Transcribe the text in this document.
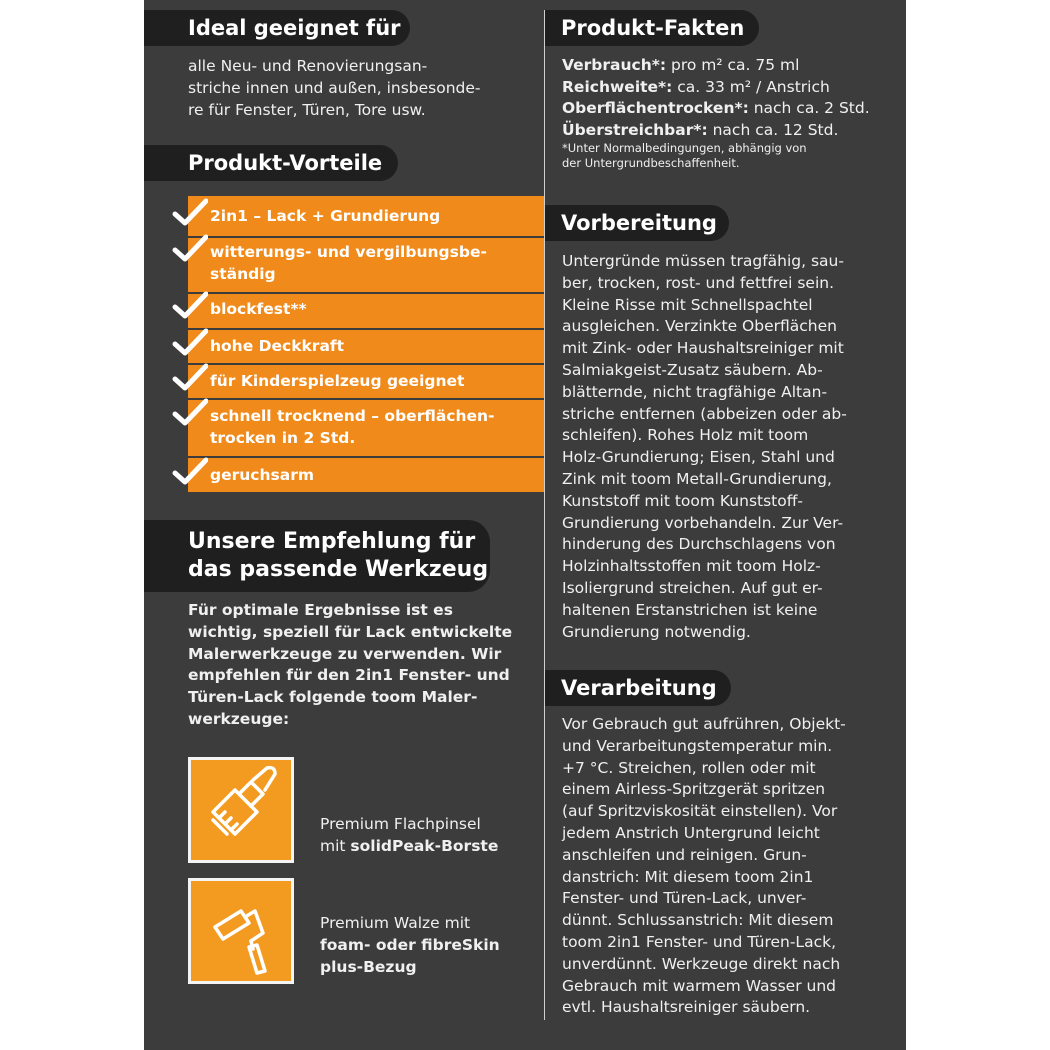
Ideal geeignet für
alle Neu- und Renovierungsan-
striche innen und außen, insbesonde-
re für Fenster, Türen, Tore usw.
Produkt-Vorteile
2in1 – Lack + Grundierung
witterungs- und vergilbungsbe-
ständig
blockfest**
hohe Deckkraft
für Kinderspielzeug geeignet
schnell trocknend – oberflächen-
trocken in 2 Std.
geruchsarm
Unsere Empfehlung für
das passende Werkzeug
Für optimale Ergebnisse ist es
wichtig, speziell für Lack entwickelte
Malerwerkzeuge zu verwenden. Wir
empfehlen für den 2in1 Fenster- und
Türen-Lack folgende toom Maler-
werkzeuge:
Premium Flachpinsel
mit solidPeak-Borste
Premium Walze mit
foam- oder fibreSkin
plus-Bezug
Produkt-Fakten
Verbrauch*: pro m² ca. 75 ml
Reichweite*: ca. 33 m² / Anstrich
Oberflächentrocken*: nach ca. 2 Std.
Überstreichbar*: nach ca. 12 Std.
*Unter Normalbedingungen, abhängig von
der Untergrundbeschaffenheit.
Vorbereitung
Untergründe müssen tragfähig, sau-
ber, trocken, rost- und fettfrei sein.
Kleine Risse mit Schnellspachtel
ausgleichen. Verzinkte Oberflächen
mit Zink- oder Haushaltsreiniger mit
Salmiakgeist-Zusatz säubern. Ab-
blätternde, nicht tragfähige Altan-
striche entfernen (abbeizen oder ab-
schleifen). Rohes Holz mit toom
Holz-Grundierung; Eisen, Stahl und
Zink mit toom Metall-Grundierung,
Kunststoff mit toom Kunststoff-
Grundierung vorbehandeln. Zur Ver-
hinderung des Durchschlagens von
Holzinhaltsstoffen mit toom Holz-
Isoliergrund streichen. Auf gut er-
haltenen Erstanstrichen ist keine
Grundierung notwendig.
Verarbeitung
Vor Gebrauch gut aufrühren, Objekt-
und Verarbeitungstemperatur min.
+7 °C. Streichen, rollen oder mit
einem Airless-Spritzgerät spritzen
(auf Spritzviskosität einstellen). Vor
jedem Anstrich Untergrund leicht
anschleifen und reinigen. Grun-
danstrich: Mit diesem toom 2in1
Fenster- und Türen-Lack, unver-
dünnt. Schlussanstrich: Mit diesem
toom 2in1 Fenster- und Türen-Lack,
unverdünnt. Werkzeuge direkt nach
Gebrauch mit warmem Wasser und
evtl. Haushaltsreiniger säubern.
